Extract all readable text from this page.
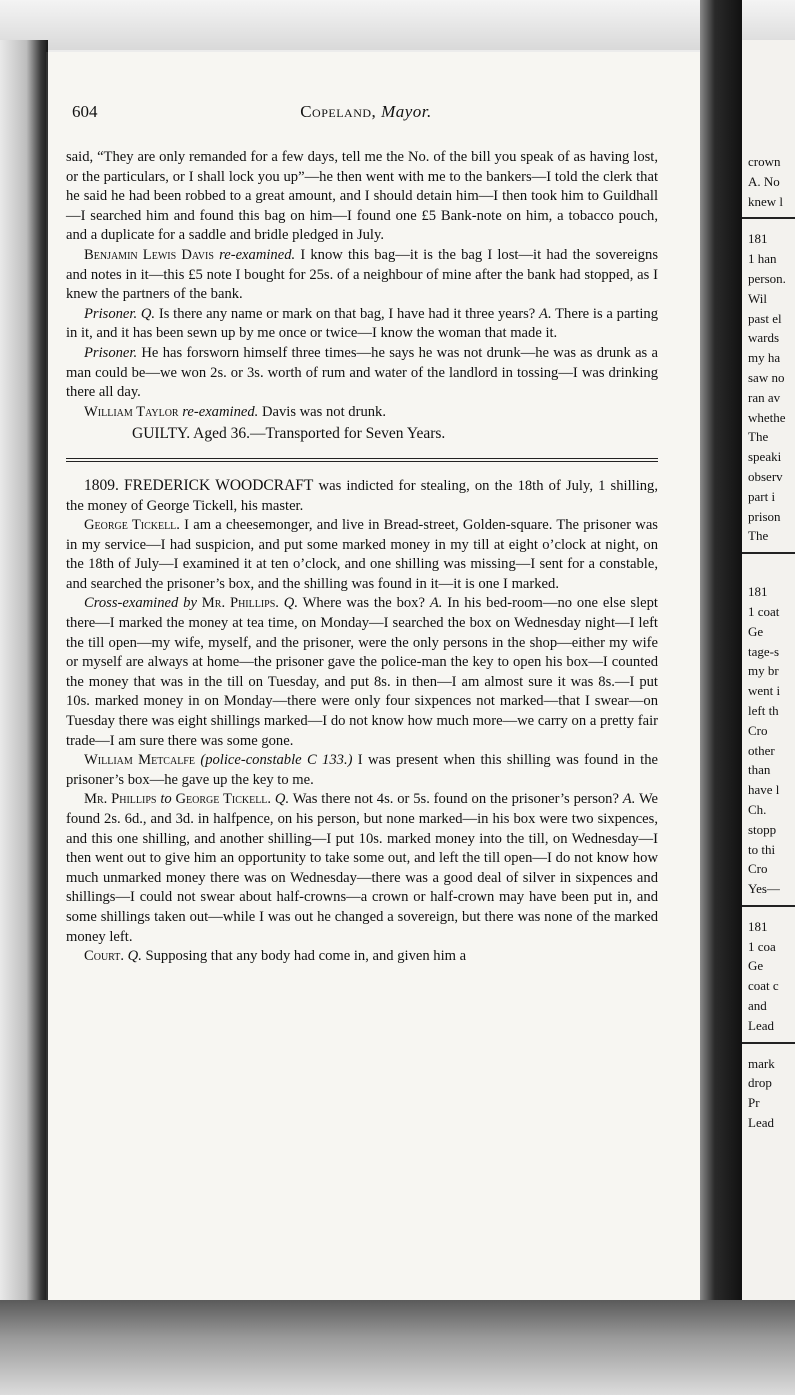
crown
A. No
knew l
181
1 han
person.
Wil
past el
wards
my ha
saw no
ran av
whethe
The
speaki
observ
part i
prison
The
181
1 coat
Ge
tage-s
my br
went i
left th
Cro
other
than
have l
Ch.
stopp
to thi
Cro
Yes—
181
1 coa
Ge
coat c
and
Lead
mark
drop
Pr
Lead
604	Copeland, Mayor.

said, “They are only remanded for a few days, tell me the No. of the bill you speak of as having lost, or the particulars, or I shall lock you up”—he then went with me to the bankers—I told the clerk that he said he had been robbed to a great amount, and I should detain him—I then took him to Guildhall—I searched him and found this bag on him—I found one £5 Bank-note on him, a tobacco pouch, and a duplicate for a saddle and bridle pledged in July.

Benjamin Lewis Davis re-examined. I know this bag—it is the bag I lost—it had the sovereigns and notes in it—this £5 note I bought for 25s. of a neighbour of mine after the bank had stopped, as I knew the partners of the bank.

Prisoner. Q. Is there any name or mark on that bag, I have had it three years? A. There is a parting in it, and it has been sewn up by me once or twice—I know the woman that made it.

Prisoner. He has forsworn himself three times—he says he was not drunk—he was as drunk as a man could be—we won 2s. or 3s. worth of rum and water of the landlord in tossing—I was drinking there all day.

William Taylor re-examined. Davis was not drunk.

GUILTY. Aged 36.—Transported for Seven Years.

1809. FREDERICK WOODCRAFT was indicted for stealing, on the 18th of July, 1 shilling, the money of George Tickell, his master.

George Tickell. I am a cheesemonger, and live in Bread-street, Golden-square. The prisoner was in my service—I had suspicion, and put some marked money in my till at eight o’clock at night, on the 18th of July—I examined it at ten o’clock, and one shilling was missing—I sent for a constable, and searched the prisoner’s box, and the shilling was found in it—it is one I marked.

Cross-examined by Mr. Phillips. Q. Where was the box? A. In his bed-room—no one else slept there—I marked the money at tea time, on Monday—I searched the box on Wednesday night—I left the till open—my wife, myself, and the prisoner, were the only persons in the shop—either my wife or myself are always at home—the prisoner gave the police-man the key to open his box—I counted the money that was in the till on Tuesday, and put 8s. in then—I am almost sure it was 8s.—I put 10s. marked money in on Monday—there were only four sixpences not marked—that I swear—on Tuesday there was eight shillings marked—I do not know how much more—we carry on a pretty fair trade—I am sure there was some gone.

William Metcalfe (police-constable C 133.) I was present when this shilling was found in the prisoner’s box—he gave up the key to me.

Mr. Phillips to George Tickell. Q. Was there not 4s. or 5s. found on the prisoner’s person? A. We found 2s. 6d., and 3d. in halfpence, on his person, but none marked—in his box were two sixpences, and this one shilling, and another shilling—I put 10s. marked money into the till, on Wednesday—I then went out to give him an opportunity to take some out, and left the till open—I do not know how much unmarked money there was on Wednesday—there was a good deal of silver in sixpences and shillings—I could not swear about half-crowns—a crown or half-crown may have been put in, and some shillings taken out—while I was out he changed a sovereign, but there was none of the marked money left.

Court. Q. Supposing that any body had come in, and given him a
